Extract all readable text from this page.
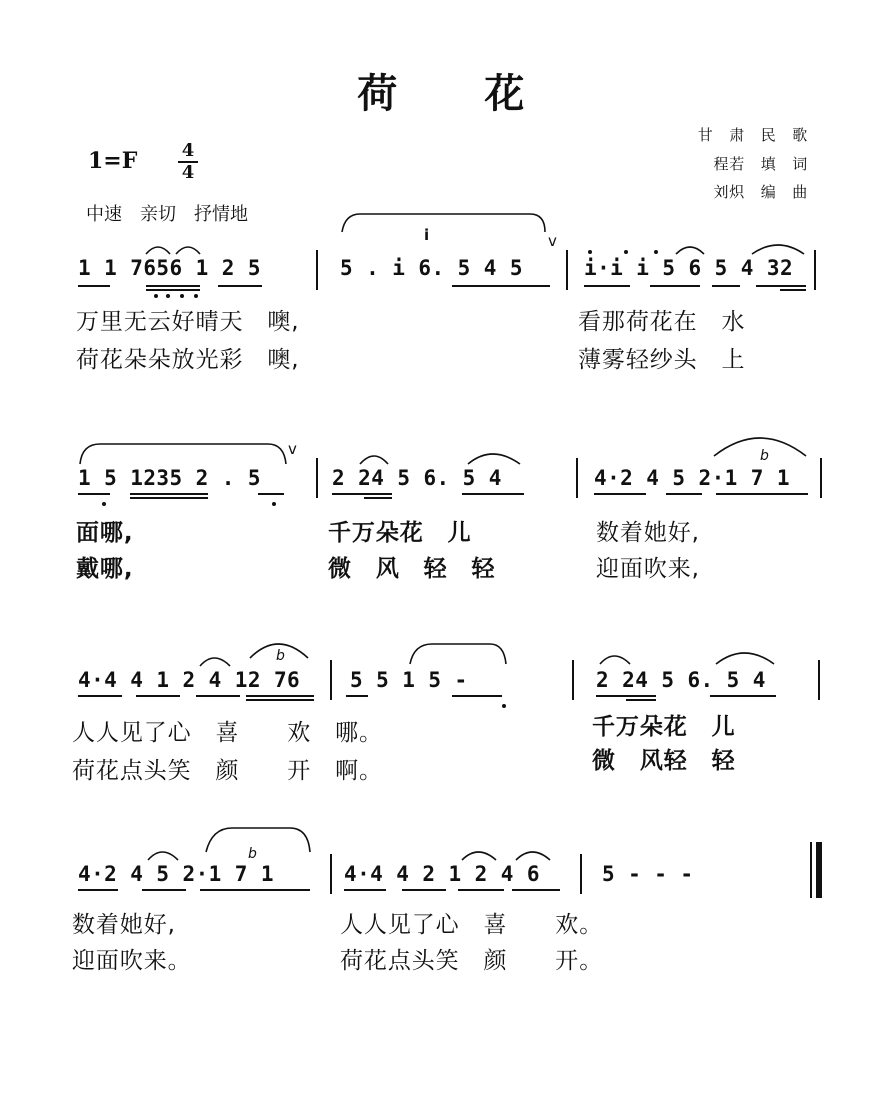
荷　　花
1=F	4
4
中速　亲切　抒情地
甘　肃　民　歌
程若　填　词
刘炽　编　曲
1 1 7656 1 2 5	5 . i 6. 5 4 5	i·i i 5 6 5 4 32
i	v
万里无云好晴天　噢,	看那荷花在　水
荷花朵朵放光彩　噢,	薄雾轻纱头　上
1 5 1235 2 . 5	2 24 5 6. 5 4	4·2 4 5 2·1 7 1
v
面哪,	千万朵花　儿	数着她好,
戴哪,	微　风　轻　轻	迎面吹来,
4·4 4 1 2 4 12 76 5 5 1 5 -	2 24 5 6. 5 4
人人见了心　喜　　欢　哪。	千万朵花　儿
荷花点头笑　颜　　开　啊。	微　风轻　轻
4·2 4 5 2·1 7 1	4·4 4 2 1 2 4 6	5 - - -
数着她好,	人人见了心　喜　　欢。
迎面吹来。	荷花点头笑　颜　　开。
b
b
b
